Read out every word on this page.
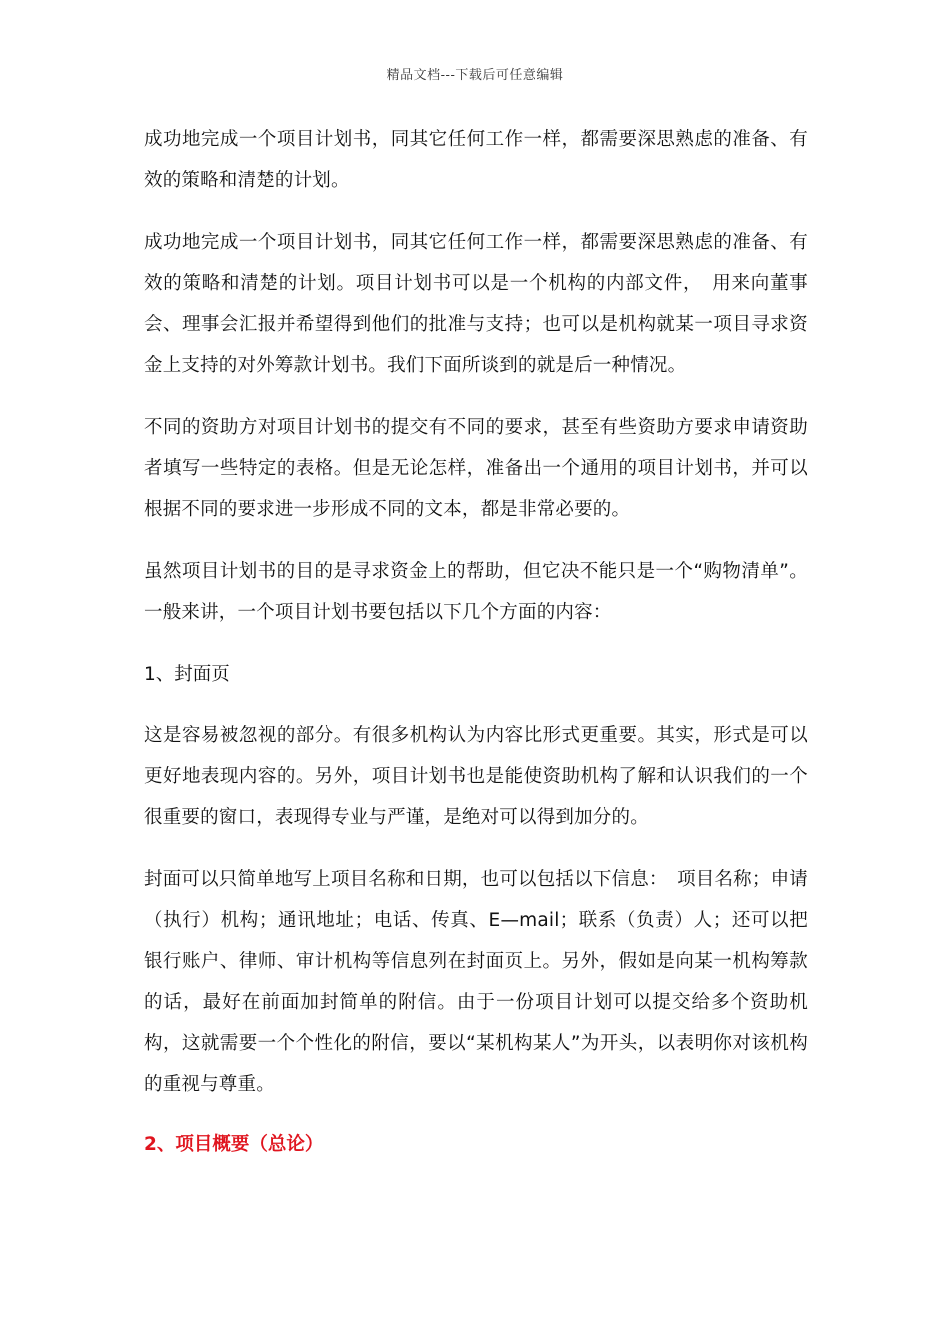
精品文档---下载后可任意编辑

成功地完成一个项目计划书，同其它任何工作一样，都需要深思熟虑的准备、有效的策略和清楚的计划。

成功地完成一个项目计划书，同其它任何工作一样，都需要深思熟虑的准备、有效的策略和清楚的计划。项目计划书可以是一个机构的内部文件，　用来向董事会、理事会汇报并希望得到他们的批准与支持；也可以是机构就某一项目寻求资金上支持的对外筹款计划书。我们下面所谈到的就是后一种情况。

不同的资助方对项目计划书的提交有不同的要求，甚至有些资助方要求申请资助者填写一些特定的表格。但是无论怎样，准备出一个通用的项目计划书，并可以根据不同的要求进一步形成不同的文本，都是非常必要的。

虽然项目计划书的目的是寻求资金上的帮助，但它决不能只是一个“购物清单”。一般来讲，一个项目计划书要包括以下几个方面的内容：

1、封面页

这是容易被忽视的部分。有很多机构认为内容比形式更重要。其实，形式是可以更好地表现内容的。另外，项目计划书也是能使资助机构了解和认识我们的一个很重要的窗口，表现得专业与严谨，是绝对可以得到加分的。

封面可以只简单地写上项目名称和日期，也可以包括以下信息：　项目名称；申请（执行）机构；通讯地址；电话、传真、E—mail；联系（负责）人；还可以把银行账户、律师、审计机构等信息列在封面页上。另外，假如是向某一机构筹款的话，最好在前面加封简单的附信。由于一份项目计划可以提交给多个资助机构，这就需要一个个性化的附信，要以“某机构某人”为开头，以表明你对该机构的重视与尊重。

2、项目概要（总论）
